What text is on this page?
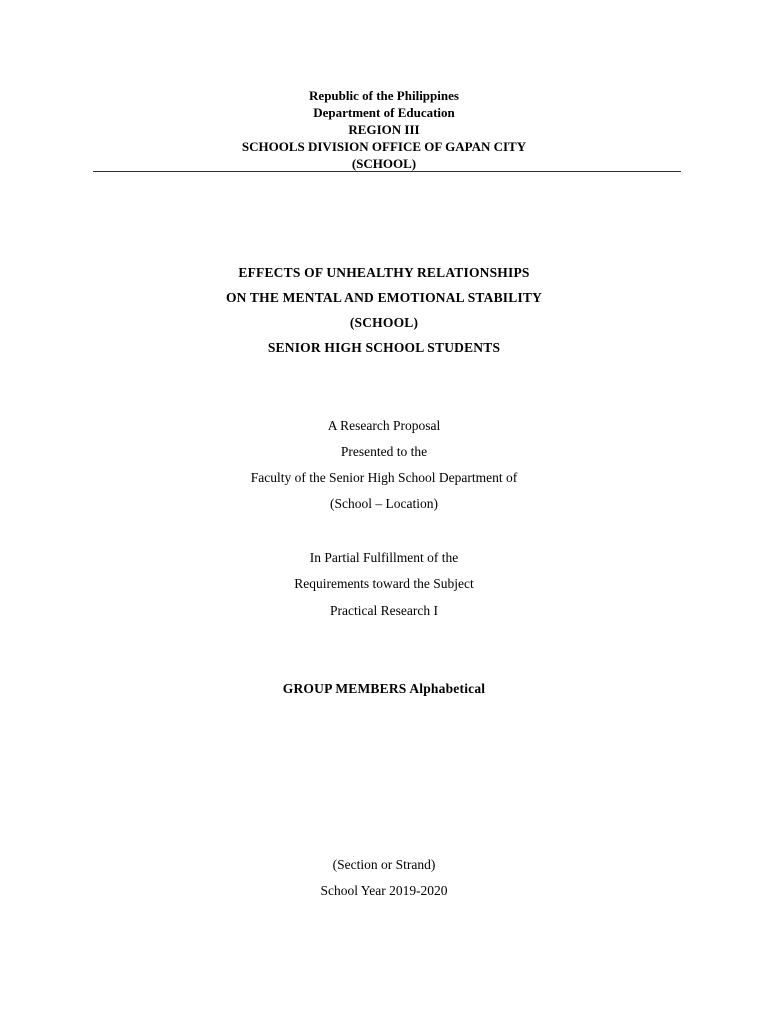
Republic of the Philippines
Department of Education
REGION III
SCHOOLS DIVISION OFFICE OF GAPAN CITY
(SCHOOL)
EFFECTS OF UNHEALTHY RELATIONSHIPS
ON THE MENTAL AND EMOTIONAL STABILITY
(SCHOOL)
SENIOR HIGH SCHOOL STUDENTS
A Research Proposal
Presented to the
Faculty of the Senior High School Department of
(School – Location)
In Partial Fulfillment of the
Requirements toward the Subject
Practical Research I
GROUP MEMBERS Alphabetical
(Section or Strand)
School Year 2019-2020
